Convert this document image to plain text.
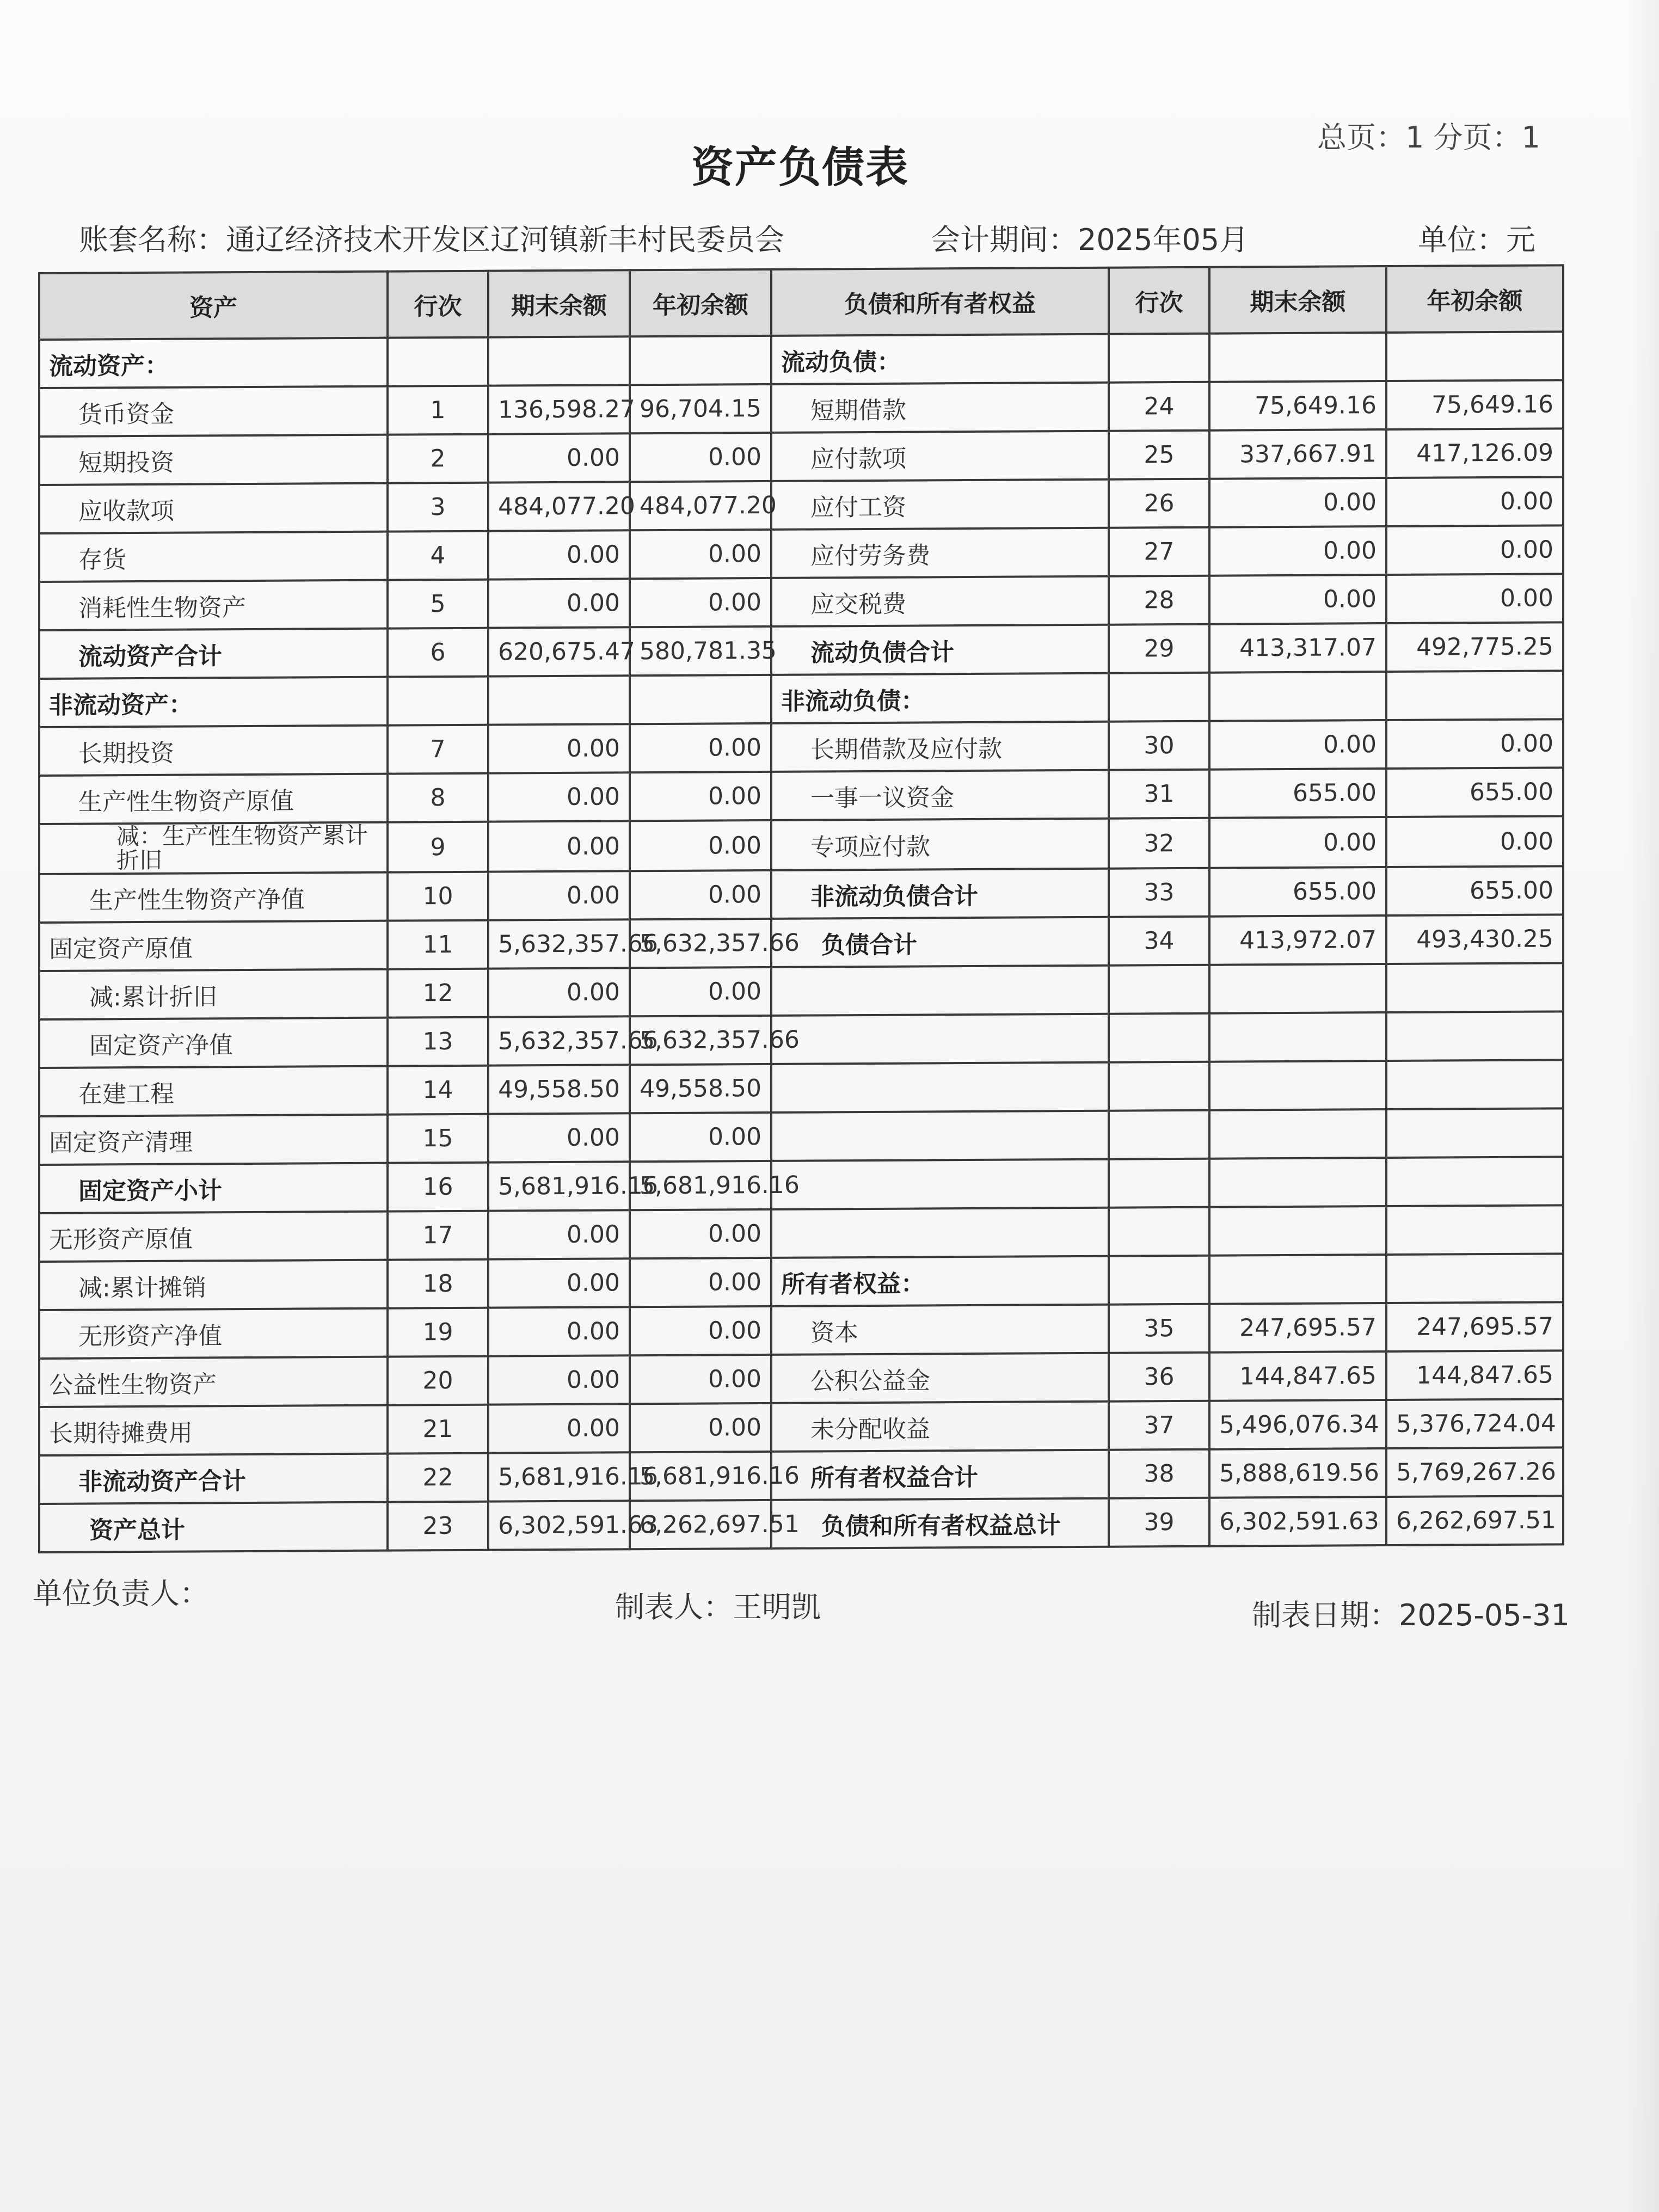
总页：1 分页：1
资产负债表
账套名称：通辽经济技术开发区辽河镇新丰村民委员会	会计期间：2025年05月	单位：元
资产	行次	期末余额	年初余额	负债和所有者权益	行次	期末余额	年初余额
流动资产：				流动负债：			
货币资金	1	136,598.27	96,704.15	短期借款	24	75,649.16	75,649.16
短期投资	2	0.00	0.00	应付款项	25	337,667.91	417,126.09
应收款项	3	484,077.20	484,077.20	应付工资	26	0.00	0.00
存货	4	0.00	0.00	应付劳务费	27	0.00	0.00
消耗性生物资产	5	0.00	0.00	应交税费	28	0.00	0.00
流动资产合计	6	620,675.47	580,781.35	流动负债合计	29	413,317.07	492,775.25
非流动资产：				非流动负债：			
长期投资	7	0.00	0.00	长期借款及应付款	30	0.00	0.00
生产性生物资产原值	8	0.00	0.00	一事一议资金	31	655.00	655.00
减：生产性生物资产累计折旧	9	0.00	0.00	专项应付款	32	0.00	0.00
生产性生物资产净值	10	0.00	0.00	非流动负债合计	33	655.00	655.00
固定资产原值	11	5,632,357.66	5,632,357.66	负债合计	34	413,972.07	493,430.25
减:累计折旧	12	0.00	0.00				
固定资产净值	13	5,632,357.66	5,632,357.66				
在建工程	14	49,558.50	49,558.50				
固定资产清理	15	0.00	0.00				
固定资产小计	16	5,681,916.16	5,681,916.16				
无形资产原值	17	0.00	0.00				
减:累计摊销	18	0.00	0.00	所有者权益：			
无形资产净值	19	0.00	0.00	资本	35	247,695.57	247,695.57
公益性生物资产	20	0.00	0.00	公积公益金	36	144,847.65	144,847.65
长期待摊费用	21	0.00	0.00	未分配收益	37	5,496,076.34	5,376,724.04
非流动资产合计	22	5,681,916.16	5,681,916.16	所有者权益合计	38	5,888,619.56	5,769,267.26
资产总计	23	6,302,591.63	6,262,697.51	负债和所有者权益总计	39	6,302,591.63	6,262,697.51
单位负责人：	制表人：王明凯	制表日期：2025-05-31
